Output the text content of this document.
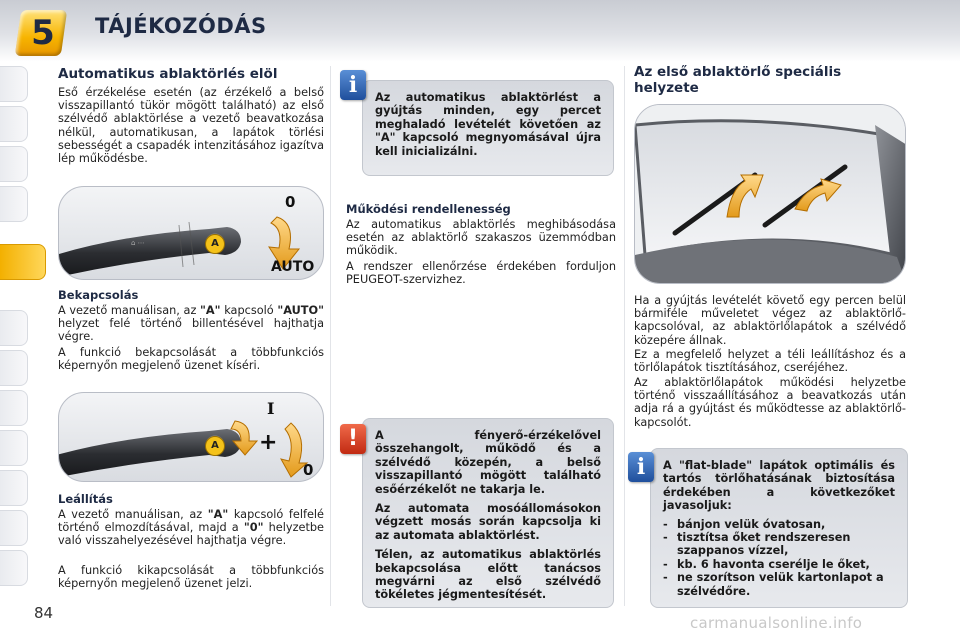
5 TÁJÉKOZÓDÁS
Automatikus ablaktörlés elöl
Eső érzékelése esetén (az érzékelő a belső visszapillantó tükör mögött található) az első szélvédő ablaktörlése a vezető beavatkozása nélkül, automatikusan, a lapátok törlési sebességét a csapadék intenzitásához igazítva lép működésbe.
⌂ ⋯	A
0
AUTO
Bekapcsolás
A vezető manuálisan, az "A" kapcsoló "AUTO" helyzet felé történő billentésével hajthatja végre.
A funkció bekapcsolását a többfunkciós képernyőn megjelenő üzenet kíséri.
+
A
I
0
Leállítás
A vezető manuálisan, az "A" kapcsoló felfelé történő elmozdításával, majd a "0" helyzetbe való visszahelyezésével hajthatja végre.
A funkció kikapcsolását a többfunkciós képernyőn megjelenő üzenet jelzi.
Az automatikus ablaktörlést a gyújtás minden, egy percet meghaladó levételét követően az "A" kapcsoló megnyomásával újra kell inicializálni.
i
Működési rendellenesség
Az automatikus ablaktörlés meghibásodása esetén az ablaktörlő szakaszos üzemmódban működik.
A rendszer ellenőrzése érdekében forduljon PEUGEOT-szervizhez.
A fényerő-érzékelővel összehangolt, működő és a szélvédő közepén, a belső visszapillantó mögött található esőérzékelőt ne takarja le.
Az automata mosóállomásokon végzett mosás során kapcsolja ki az automata ablaktörlést.
Télen, az automatikus ablaktörlés bekapcsolása előtt tanácsos megvárni az első szélvédő tökéletes jégmentesítését.
!
Az első ablaktörlő speciális helyzete
Ha a gyújtás levételét követő egy percen belül bármiféle műveletet végez az ablaktörlő-kapcsolóval, az ablaktörlőlapátok a szélvédő közepére állnak.
Ez a megfelelő helyzet a téli leállításhoz és a törlőlapátok tisztításához, cseréjéhez.
Az ablaktörlőlapátok működési helyzetbe történő visszaállításához a beavatkozás után adja rá a gyújtást és működtesse az ablaktörlő-kapcsolót.
A "flat-blade" lapátok optimális és tartós törlőhatásának biztosítása érdekében a következőket javasoljuk:
- bánjon velük óvatosan,
- tisztítsa őket rendszeresen szappanos vízzel,
- kb. 6 havonta cserélje le őket,
- ne szorítson velük kartonlapot a szélvédőre.
i
84
carmanualsonline.info
